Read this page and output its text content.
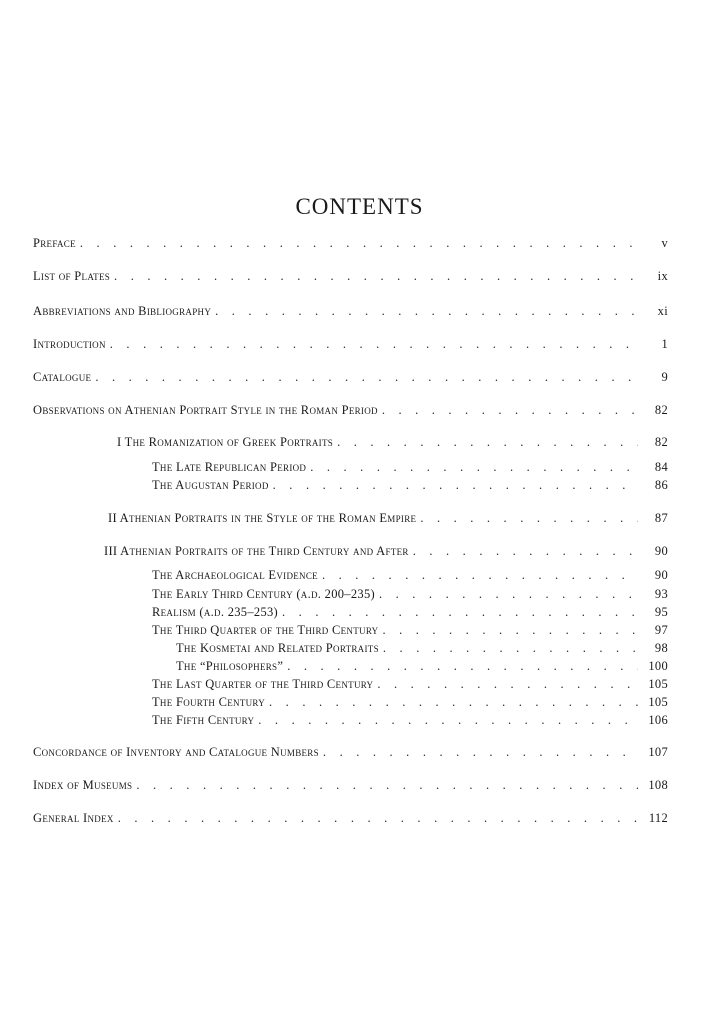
CONTENTS
Preface . . .	v
List of Plates . . .	ix
Abbreviations and Bibliography . . .	xi
Introduction . . .	1
Catalogue . . .	9
Observations on Athenian Portrait Style in the Roman Period . . .	82
I The Romanization of Greek Portraits . . .	82
The Late Republican Period . . .	84
The Augustan Period . . .	86
II Athenian Portraits in the Style of the Roman Empire . . .	87
III Athenian Portraits of the Third Century and After . . .	90
The Archaeological Evidence . . .	90
The Early Third Century (a.d. 200–235) . . .	93
Realism (a.d. 235–253) . . .	95
The Third Quarter of the Third Century . . .	97
The Kosmetai and Related Portraits . . .	98
The “Philosophers” . . .	100
The Last Quarter of the Third Century . . .	105
The Fourth Century . . .	105
The Fifth Century . . .	106
Concordance of Inventory and Catalogue Numbers . . .	107
Index of Museums . . .	108
General Index . . .	112
